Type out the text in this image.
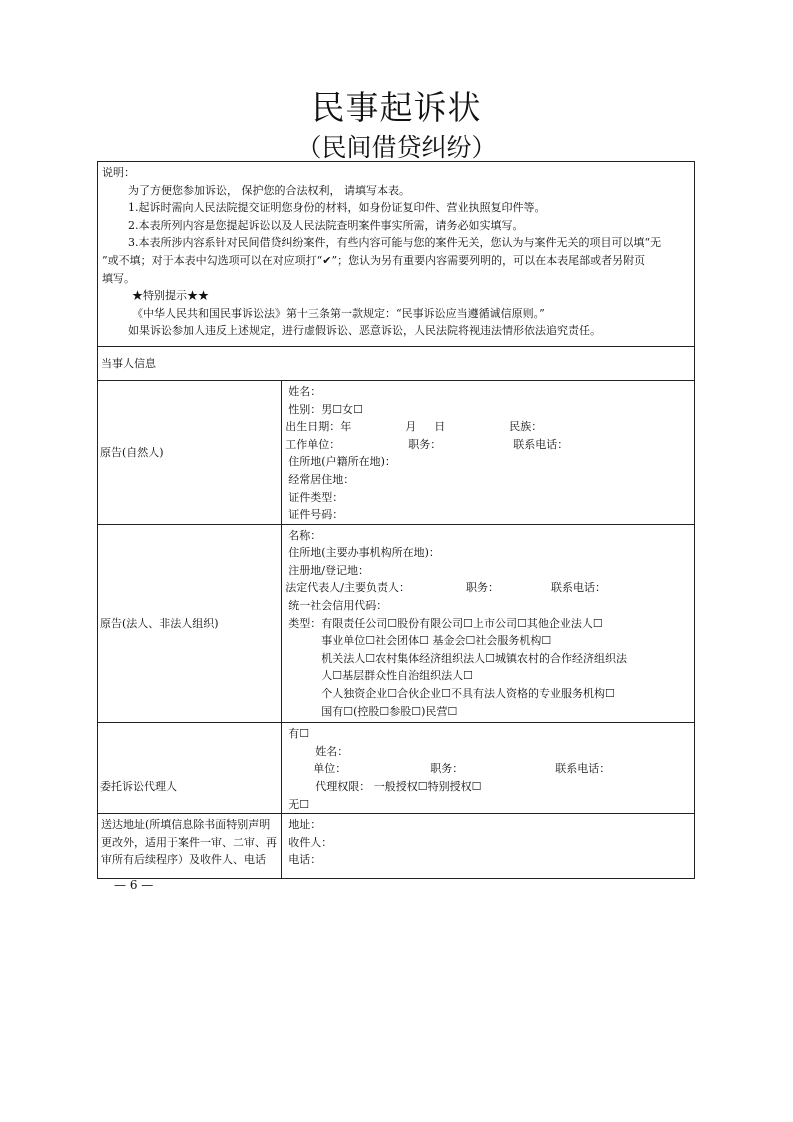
民事起诉状
（民间借贷纠纷）
说明：
为了方便您参加诉讼， 保护您的合法权利， 请填写本表。
1.起诉时需向人民法院提交证明您身份的材料，如身份证复印件、营业执照复印件等。
2.本表所列内容是您提起诉讼以及人民法院查明案件事实所需，请务必如实填写。
3.本表所涉内容系针对民间借贷纠纷案件，有些内容可能与您的案件无关，您认为与案件无关的项目可以填“无
”或不填；对于本表中勾选项可以在对应项打“✔”；您认为另有重要内容需要列明的，可以在本表尾部或者另附页
填写。
★特别提示★★
《中华人民共和国民事诉讼法》第十三条第一款规定：“民事诉讼应当遵循诚信原则。”
如果诉讼参加人违反上述规定，进行虚假诉讼、恶意诉讼，人民法院将视违法情形依法追究责任。

当事人信息	
原告(自然人)	
姓名：
性别：男☐女☐
出生日期：年	月 日	民族：
工作单位：	职务：	联系电话：
住所地(户籍所在地)：
经常居住地：
证件类型：
证件号码：

原告(法人、非法人组织)	
名称：
住所地(主要办事机构所在地)：
注册地/登记地：
法定代表人/主要负责人：	职务：	联系电话：
统一社会信用代码：
类型：有限责任公司☐股份有限公司☐上市公司☐其他企业法人☐
事业单位☐社会团体☐ 基金会☐社会服务机构☐
机关法人☐农村集体经济组织法人☐城镇农村的合作经济组织法
人☐基层群众性自治组织法人☐
个人独资企业☐合伙企业☐不具有法人资格的专业服务机构☐
国有☐(控股☐参股☐)民营☐

委托诉讼代理人	有☐
姓名：
单位： 职务： 联系电话：
代理权限： 一般授权☐特别授权☐
无☐

送达地址(所填信息除书面特别声明更改外，适用于案件一审、二审、再审所有后续程序）及收件人、电话	地址：
收件人：
电话：
— 6 —
